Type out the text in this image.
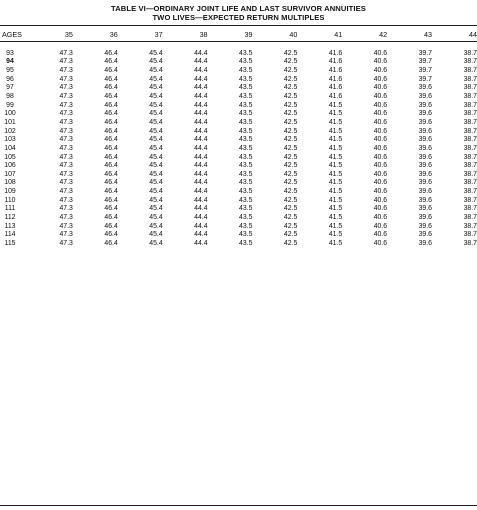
TABLE VI—ORDINARY JOINT LIFE AND LAST SURVIVOR ANNUITIES
TWO LIVES—EXPECTED RETURN MULTIPLES
AGES	35	36	37	38	39	40	41	42	43	44

93	47.3	46.4	45.4	44.4	43.5	42.5	41.6	40.6	39.7	38.7
94	47.3	46.4	45.4	44.4	43.5	42.5	41.6	40.6	39.7	38.7
95	47.3	46.4	45.4	44.4	43.5	42.5	41.6	40.6	39.7	38.7
96	47.3	46.4	45.4	44.4	43.5	42.5	41.6	40.6	39.7	38.7
97	47.3	46.4	45.4	44.4	43.5	42.5	41.6	40.6	39.6	38.7
98	47.3	46.4	45.4	44.4	43.5	42.5	41.6	40.6	39.6	38.7
99	47.3	46.4	45.4	44.4	43.5	42.5	41.5	40.6	39.6	38.7
100	47.3	46.4	45.4	44.4	43.5	42.5	41.5	40.6	39.6	38.7
101	47.3	46.4	45.4	44.4	43.5	42.5	41.5	40.6	39.6	38.7
102	47.3	46.4	45.4	44.4	43.5	42.5	41.5	40.6	39.6	38.7
103	47.3	46.4	45.4	44.4	43.5	42.5	41.5	40.6	39.6	38.7
104	47.3	46.4	45.4	44.4	43.5	42.5	41.5	40.6	39.6	38.7
105	47.3	46.4	45.4	44.4	43.5	42.5	41.5	40.6	39.6	38.7
106	47.3	46.4	45.4	44.4	43.5	42.5	41.5	40.6	39.6	38.7
107	47.3	46.4	45.4	44.4	43.5	42.5	41.5	40.6	39.6	38.7
108	47.3	46.4	45.4	44.4	43.5	42.5	41.5	40.6	39.6	38.7
109	47.3	46.4	45.4	44.4	43.5	42.5	41.5	40.6	39.6	38.7
110	47.3	46.4	45.4	44.4	43.5	42.5	41.5	40.6	39.6	38.7
111	47.3	46.4	45.4	44.4	43.5	42.5	41.5	40.6	39.6	38.7
112	47.3	46.4	45.4	44.4	43.5	42.5	41.5	40.6	39.6	38.7
113	47.3	46.4	45.4	44.4	43.5	42.5	41.5	40.6	39.6	38.7
114	47.3	46.4	45.4	44.4	43.5	42.5	41.5	40.6	39.6	38.7
115	47.3	46.4	45.4	44.4	43.5	42.5	41.5	40.6	39.6	38.7
